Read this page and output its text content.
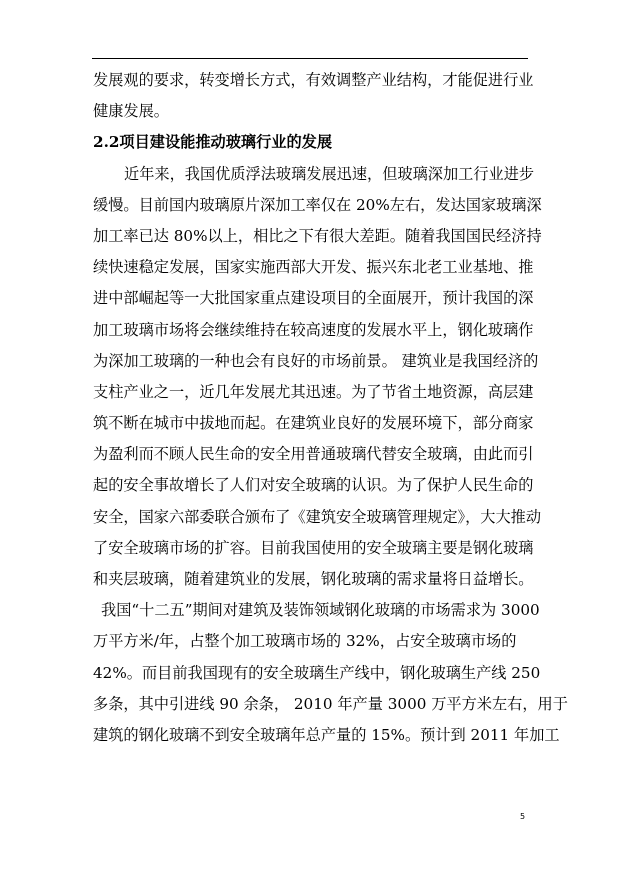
发展观的要求，转变增长方式，有效调整产业结构，才能促进行业
健康发展。
2.2项目建设能推动玻璃行业的发展
近年来，我国优质浮法玻璃发展迅速，但玻璃深加工行业进步
缓慢。目前国内玻璃原片深加工率仅在 20%左右，发达国家玻璃深
加工率已达 80%以上，相比之下有很大差距。随着我国国民经济持
续快速稳定发展，国家实施西部大开发、振兴东北老工业基地、推
进中部崛起等一大批国家重点建设项目的全面展开，预计我国的深
加工玻璃市场将会继续维持在较高速度的发展水平上，钢化玻璃作
为深加工玻璃的一种也会有良好的市场前景。 建筑业是我国经济的
支柱产业之一，近几年发展尤其迅速。为了节省土地资源，高层建
筑不断在城市中拔地而起。在建筑业良好的发展环境下，部分商家
为盈利而不顾人民生命的安全用普通玻璃代替安全玻璃，由此而引
起的安全事故增长了人们对安全玻璃的认识。为了保护人民生命的
安全，国家六部委联合颁布了《建筑安全玻璃管理规定》，大大推动
了安全玻璃市场的扩容。目前我国使用的安全玻璃主要是钢化玻璃
和夹层玻璃，随着建筑业的发展，钢化玻璃的需求量将日益增长。
我国“十二五”期间对建筑及装饰领域钢化玻璃的市场需求为 3000
万平方米/年，占整个加工玻璃市场的 32%，占安全玻璃市场的
42%。而目前我国现有的安全玻璃生产线中，钢化玻璃生产线 250
多条，其中引进线 90 余条， 2010 年产量 3000 万平方米左右，用于
建筑的钢化玻璃不到安全玻璃年总产量的 15%。预计到 2011 年加工
5
